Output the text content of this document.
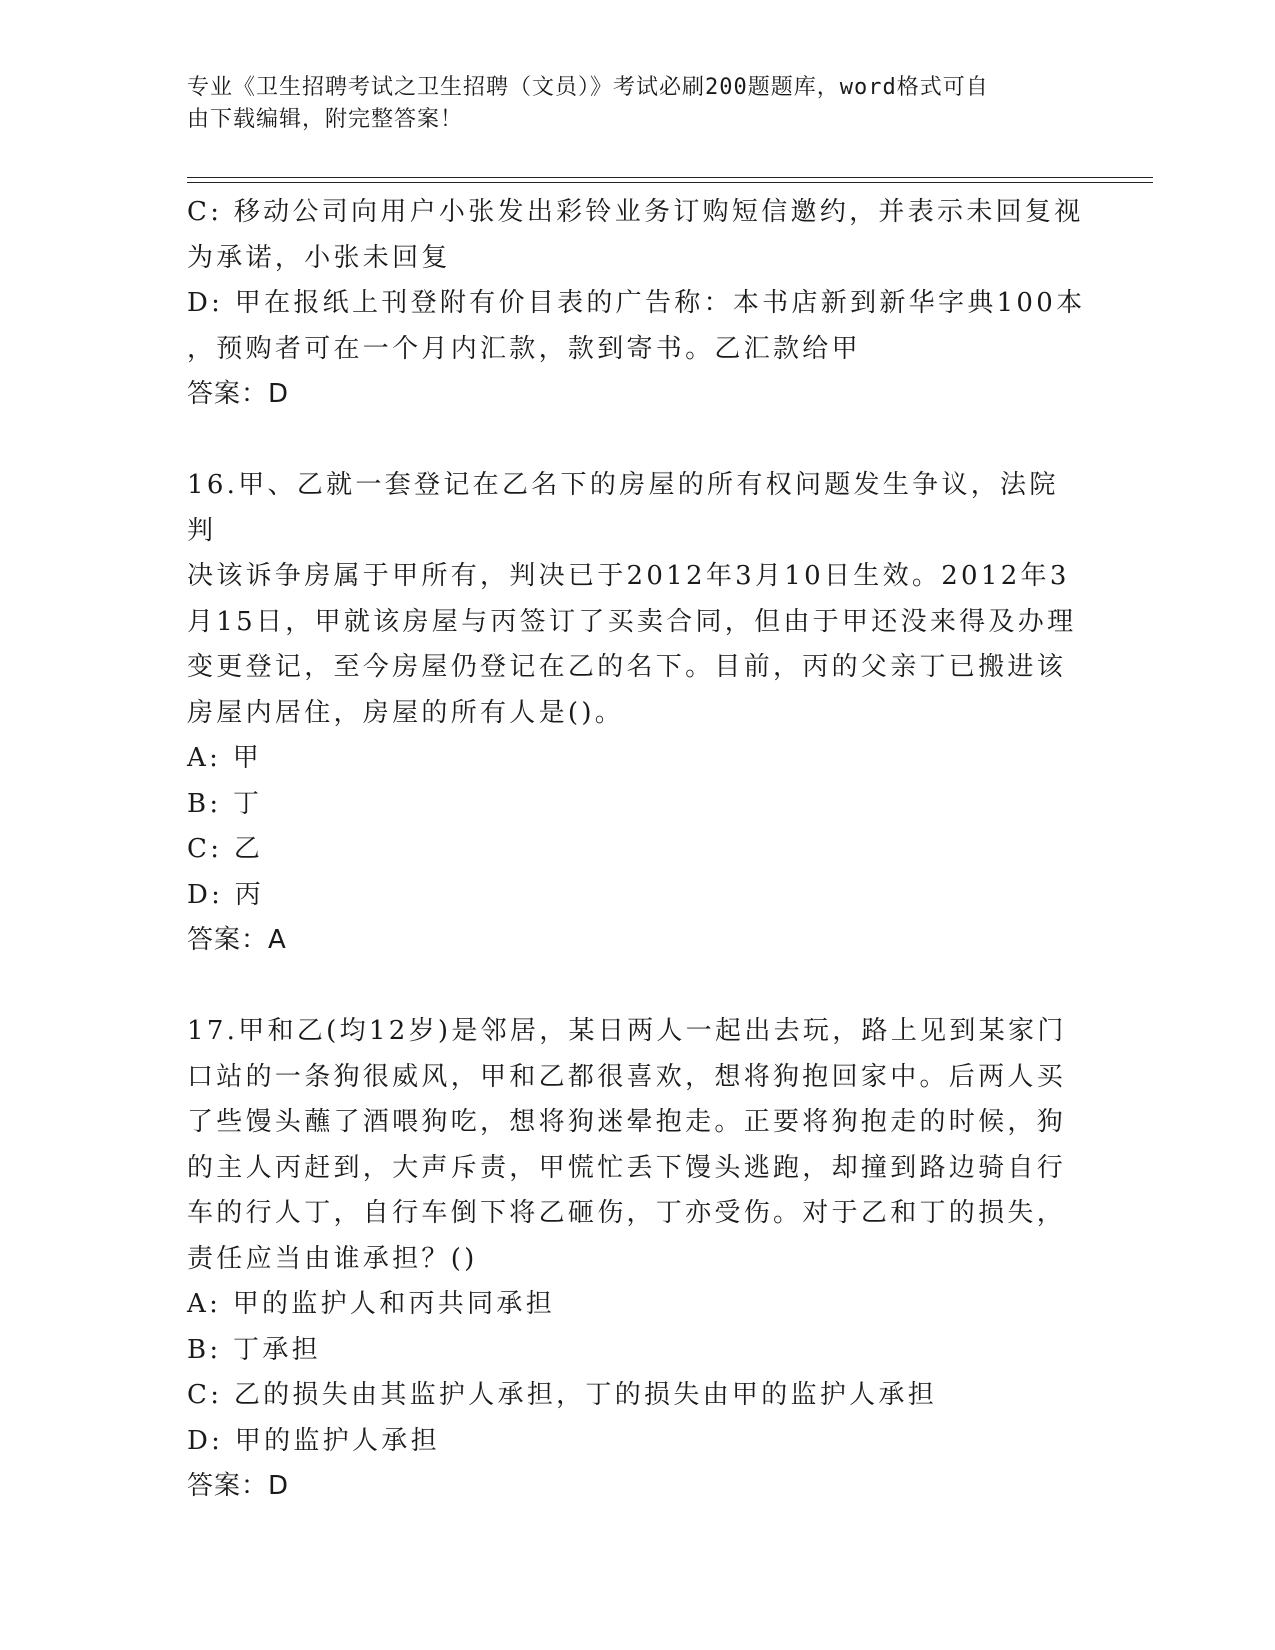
专业《卫生招聘考试之卫生招聘（文员）》考试必刷200题题库，word格式可自
由下载编辑，附完整答案！

C: 移动公司向用户小张发出彩铃业务订购短信邀约，并表示未回复视

为承诺，小张未回复

D: 甲在报纸上刊登附有价目表的广告称：本书店新到新华字典100本

，预购者可在一个月内汇款，款到寄书。乙汇款给甲

答案：D

16.甲、乙就一套登记在乙名下的房屋的所有权问题发生争议，法院判

决该诉争房属于甲所有，判决已于2012年3月10日生效。2012年3

月15日，甲就该房屋与丙签订了买卖合同，但由于甲还没来得及办理

变更登记，至今房屋仍登记在乙的名下。目前，丙的父亲丁已搬进该

房屋内居住，房屋的所有人是()。

A: 甲

B: 丁

C: 乙

D: 丙

答案：A

17.甲和乙(均12岁)是邻居，某日两人一起出去玩，路上见到某家门

口站的一条狗很威风，甲和乙都很喜欢，想将狗抱回家中。后两人买

了些馒头蘸了酒喂狗吃，想将狗迷晕抱走。正要将狗抱走的时候，狗

的主人丙赶到，大声斥责，甲慌忙丢下馒头逃跑，却撞到路边骑自行

车的行人丁，自行车倒下将乙砸伤，丁亦受伤。对于乙和丁的损失，

责任应当由谁承担？()

A: 甲的监护人和丙共同承担

B: 丁承担

C: 乙的损失由其监护人承担，丁的损失由甲的监护人承担

D: 甲的监护人承担

答案：D
